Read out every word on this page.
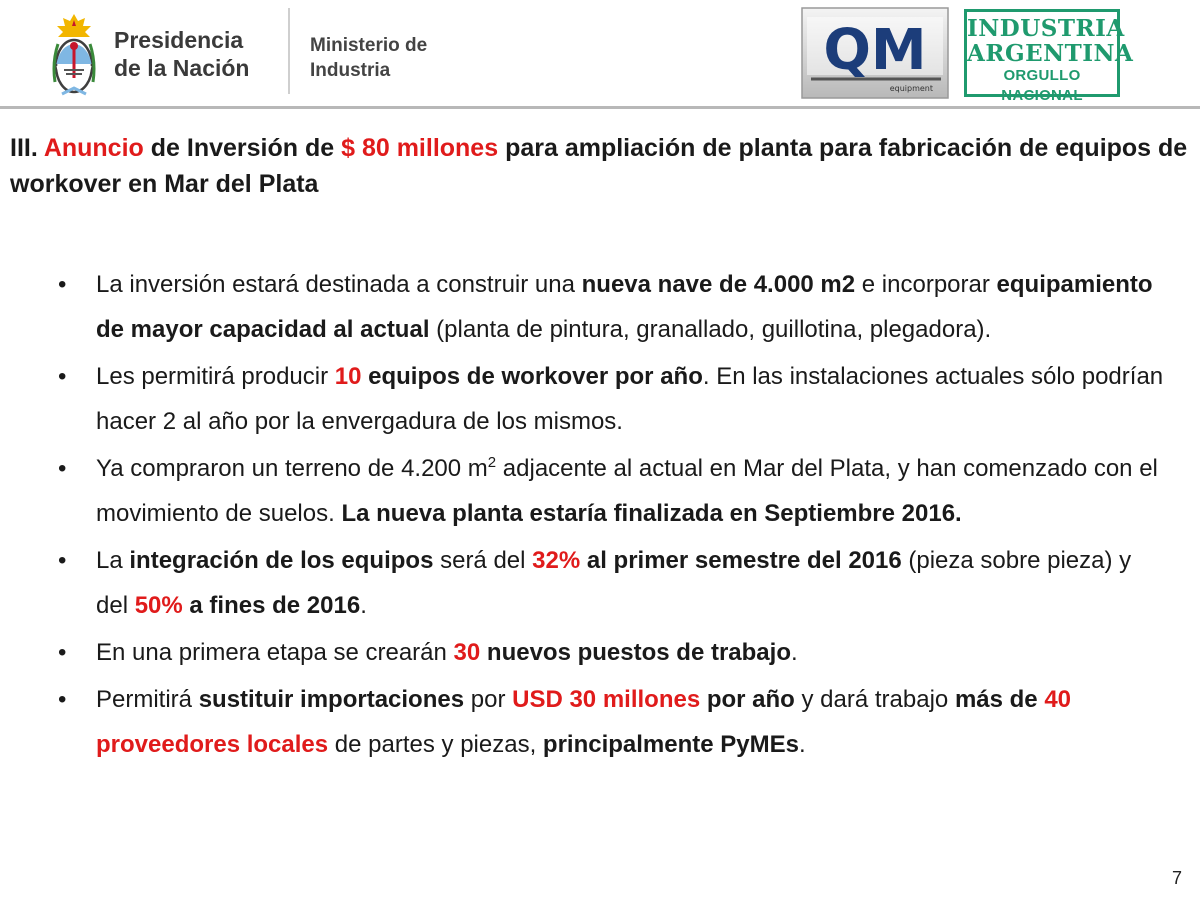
Presidencia
de la Nación
Ministerio de
Industria	QM
equipment
INDUSTRIA
ARGENTINA
ORGULLO NACIONAL
III. Anuncio de Inversión de $ 80 millones para ampliación de planta para fabricación de equipos de workover en Mar del Plata
• La inversión estará destinada a construir una nueva nave de 4.000 m2 e incorporar equipamiento de mayor capacidad al actual (planta de pintura, granallado, guillotina, plegadora).
• Les permitirá producir 10 equipos de workover por año. En las instalaciones actuales sólo podrían hacer 2 al año por la envergadura de los mismos.
• Ya compraron un terreno de 4.200 $m^2$ adjacente al actual en Mar del Plata, y han comenzado con el movimiento de suelos. La nueva planta estaría finalizada en Septiembre 2016.
• La integración de los equipos será del 32% al primer semestre del 2016 (pieza sobre pieza) y del 50% a fines de 2016.
• En una primera etapa se crearán 30 nuevos puestos de trabajo.
• Permitirá sustituir importaciones por USD 30 millones por año y dará trabajo más de 40 proveedores locales de partes y piezas, principalmente PyMEs.
7
